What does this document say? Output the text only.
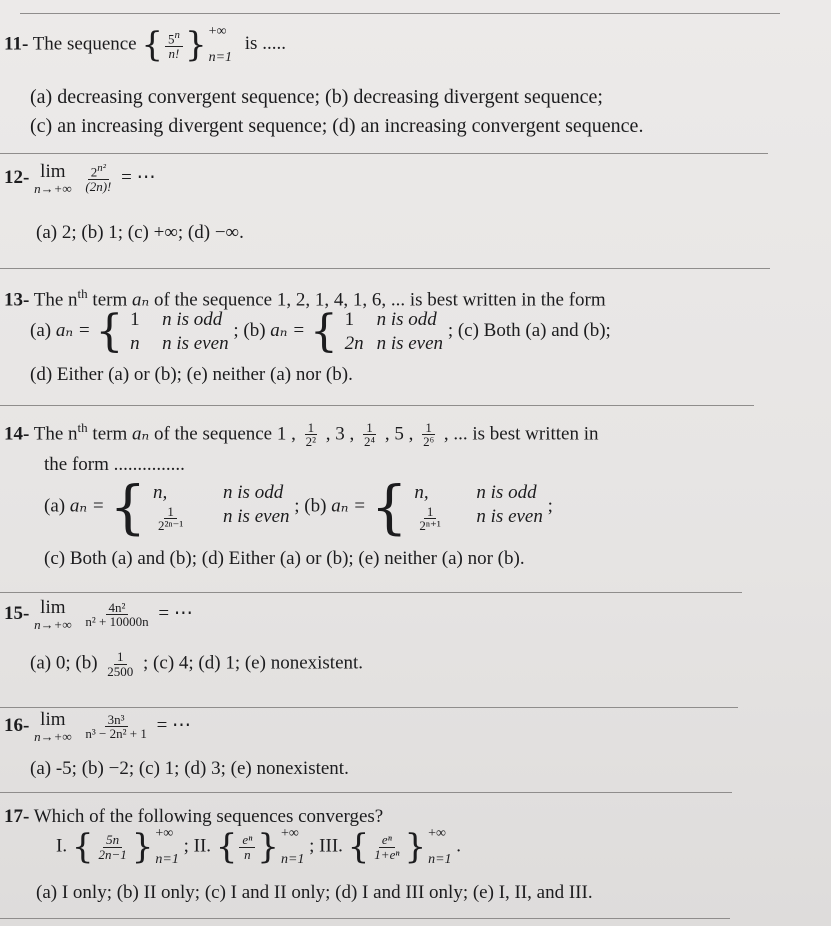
11- The sequence { $\frac{5^n}{n!}$ } +∞
n=1
is .....
(a) decreasing convergent sequence; (b) decreasing divergent sequence;
(c) an increasing divergent sequence; (d) an increasing convergent sequence.
12- lim
n→+∞
$\frac{2^{n^2}}{(2n)!}$ = ⋯
(a) 2; (b) 1; (c) +∞; (d) −∞.
13- The $n^{th}$ term aₙ of the sequence 1, 2, 1, 4, 1, 6, ... is best written in the form
(a) aₙ = { 1	n is odd
n	n is even
; (b) aₙ = { 1	n is odd
2n n is even
; (c) Both (a) and (b);
(d) Either (a) or (b); (e) neither (a) nor (b).
14- The $n^{th}$ term aₙ of the sequence 1 , $\frac{1}{\text{2²}}$ , 3 , $\frac{1}{\text{2⁴}}$ , 5 , $\frac{1}{\text{2⁶}}$ , ... is best written in
the form ...............
(a) aₙ = { n,	n is odd
$\frac{1}{\text{2²ⁿ⁻¹}}$ n is even ; (b) aₙ = { n,	n is odd
$\frac{1}{\text{2ⁿ⁺¹}}$ n is even ;
(c) Both (a) and (b); (d) Either (a) or (b); (e) neither (a) nor (b).
15- lim
n→+∞
$\frac{\text{4n²}}{\text{n² + 10000n}}$ = ⋯
(a) 0; $(b) \frac{1}{2500}$ ; (c) 4; (d) 1; (e) nonexistent.
16- lim
n→+∞
$\frac{\text{3n³}}{\text{n³ − 2n² + 1}}$ = ⋯
(a) -5; (b) −2; (c) 1; (d) 3; (e) nonexistent.
17- Which of the following sequences converges?
I. { $\frac{5n}{2n-1}$ } +∞
n=1
; II. { $\frac{\text{eⁿ}}{n}$ } +∞
n=1
; III. { $\frac{\text{eⁿ}}{\text{1+eⁿ}}$ } +∞
n=1
.
(a) I only; (b) II only; (c) I and II only; (d) I and III only; (e) I, II, and III.
